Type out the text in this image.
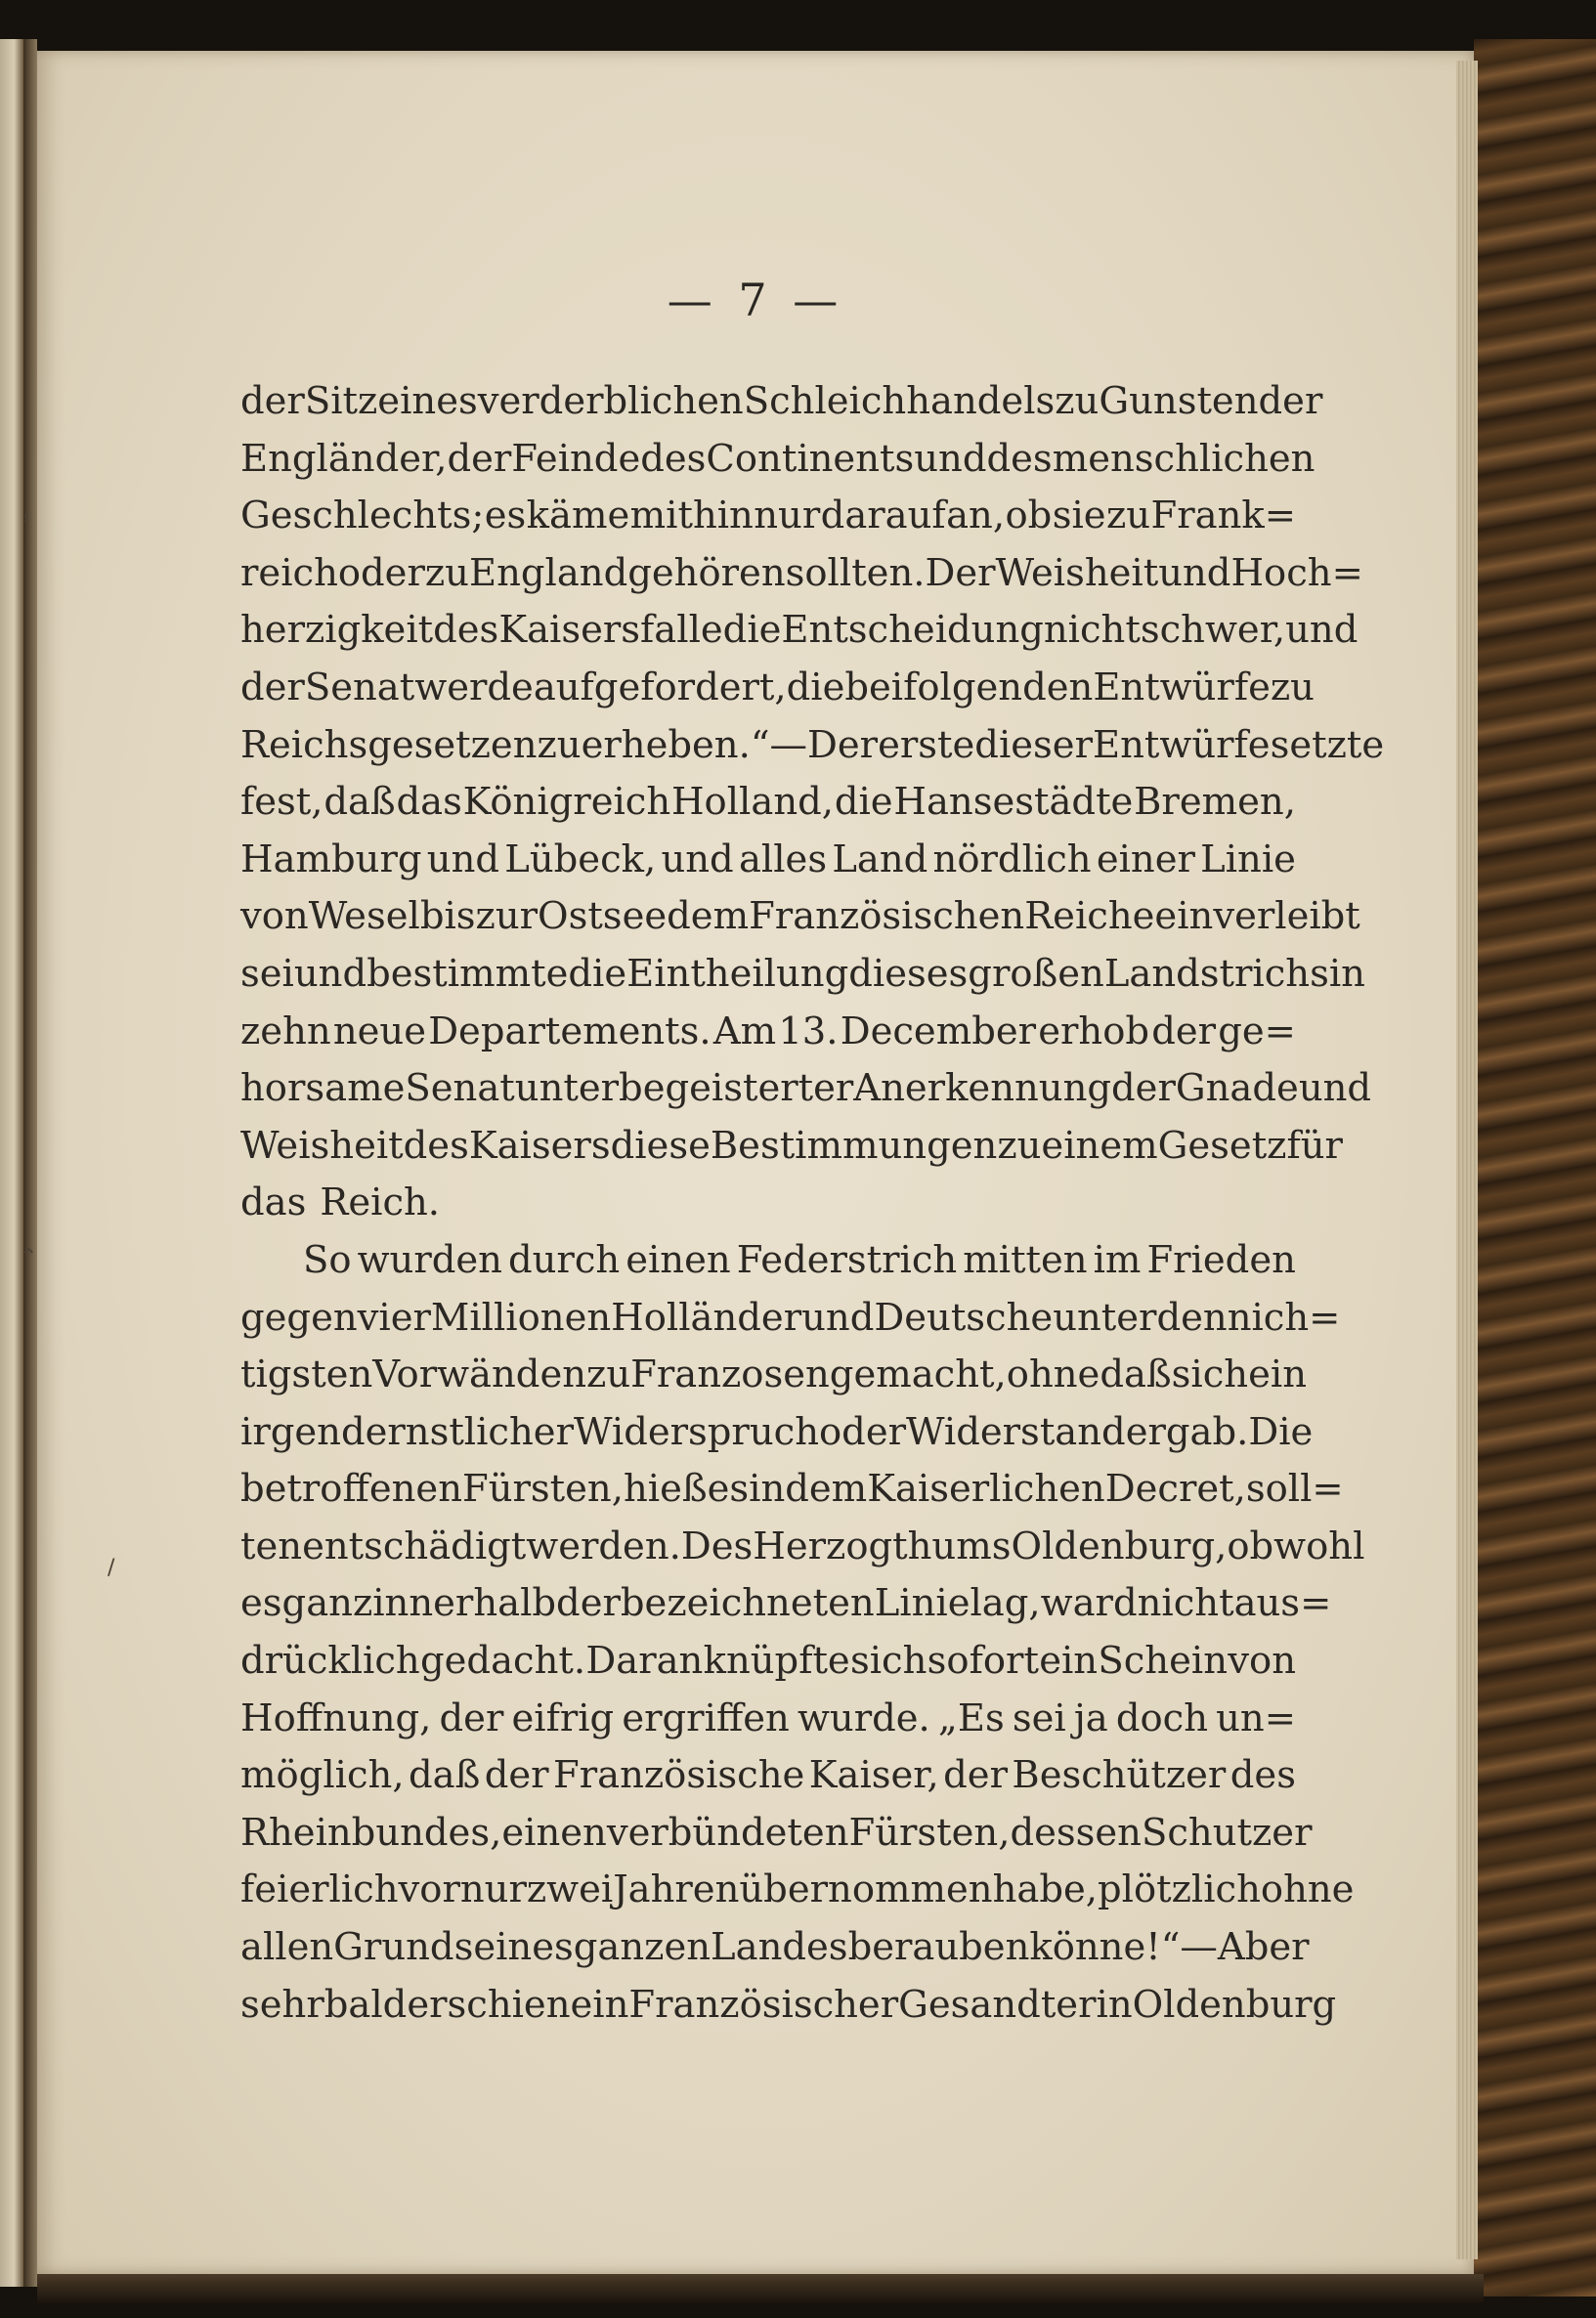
— 7 —
der Sitz eines verderblichen Schleichhandels zu Gunsten der
Engländer, der Feinde des Continents und des menschlichen
Geschlechts; es käme mithin nur darauf an, ob sie zu Frank=
reich oder zu England gehören sollten. Der Weisheit und Hoch=
herzigkeit des Kaisers falle die Entscheidung nicht schwer, und
der Senat werde aufgefordert, die beifolgenden Entwürfe zu
Reichsgesetzen zu erheben.“ — Der erste dieser Entwürfe setzte
fest, daß das Königreich Holland, die Hansestädte Bremen,
Hamburg und Lübeck, und alles Land nördlich einer Linie
von Wesel bis zur Ostsee dem Französischen Reiche einverleibt
sei und bestimmte die Eintheilung dieses großen Landstrichs in
zehn neue Departements. Am 13. December erhob der ge=
horsame Senat unter begeisterter Anerkennung der Gnade und
Weisheit des Kaisers diese Bestimmungen zu einem Gesetz für
das Reich.
So wurden durch einen Federstrich mitten im Frieden
gegen vier Millionen Holländer und Deutsche unter den nich=
tigsten Vorwänden zu Franzosen gemacht, ohne daß sich ein
irgend ernstlicher Widerspruch oder Widerstand ergab. Die
betroffenen Fürsten, hieß es in dem Kaiserlichen Decret, soll=
ten entschädigt werden. Des Herzogthums Oldenburg, obwohl
es ganz innerhalb der bezeichneten Linie lag, ward nicht aus=
drücklich gedacht. Daran knüpfte sich sofort ein Schein von
Hoffnung, der eifrig ergriffen wurde. „Es sei ja doch un=
möglich, daß der Französische Kaiser, der Beschützer des
Rheinbundes, einen verbündeten Fürsten, dessen Schutz er
feierlich vor nur zwei Jahren übernommen habe, plötzlich ohne
allen Grund seines ganzen Landes berauben könne!“ — Aber
sehr bald erschien ein Französischer Gesandter in Oldenburg
ᶦ
⌃
/
